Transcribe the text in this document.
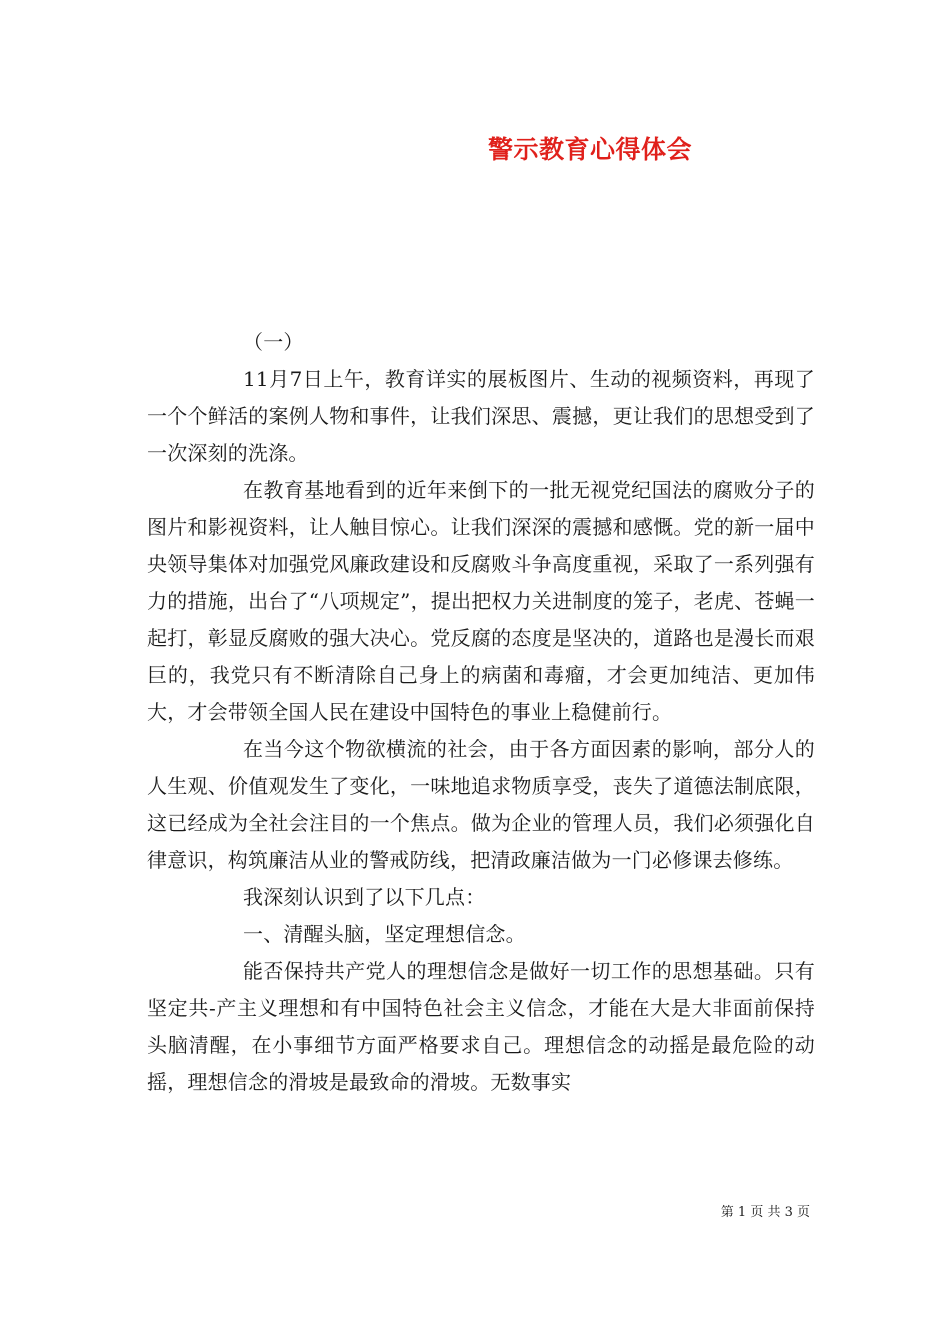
警示教育心得体会

（一）

11月7日上午，教育详实的展板图片、生动的视频资料，再现了一个个鲜活的案例人物和事件，让我们深思、震撼，更让我们的思想受到了一次深刻的洗涤。

在教育基地看到的近年来倒下的一批无视党纪国法的腐败分子的图片和影视资料，让人触目惊心。让我们深深的震撼和感慨。党的新一届中央领导集体对加强党风廉政建设和反腐败斗争高度重视，采取了一系列强有力的措施，出台了“八项规定”，提出把权力关进制度的笼子，老虎、苍蝇一起打，彰显反腐败的强大决心。党反腐的态度是坚决的，道路也是漫长而艰巨的，我党只有不断清除自己身上的病菌和毒瘤，才会更加纯洁、更加伟大，才会带领全国人民在建设中国特色的事业上稳健前行。

在当今这个物欲横流的社会，由于各方面因素的影响，部分人的人生观、价值观发生了变化，一味地追求物质享受，丧失了道德法制底限，这已经成为全社会注目的一个焦点。做为企业的管理人员，我们必须强化自律意识，构筑廉洁从业的警戒防线，把清政廉洁做为一门必修课去修练。

我深刻认识到了以下几点：

一、清醒头脑，坚定理想信念。

能否保持共产党人的理想信念是做好一切工作的思想基础。只有坚定共-产主义理想和有中国特色社会主义信念，才能在大是大非面前保持头脑清醒，在小事细节方面严格要求自己。理想信念的动摇是最危险的动摇，理想信念的滑坡是最致命的滑坡。无数事实

第 1 页 共 3 页
